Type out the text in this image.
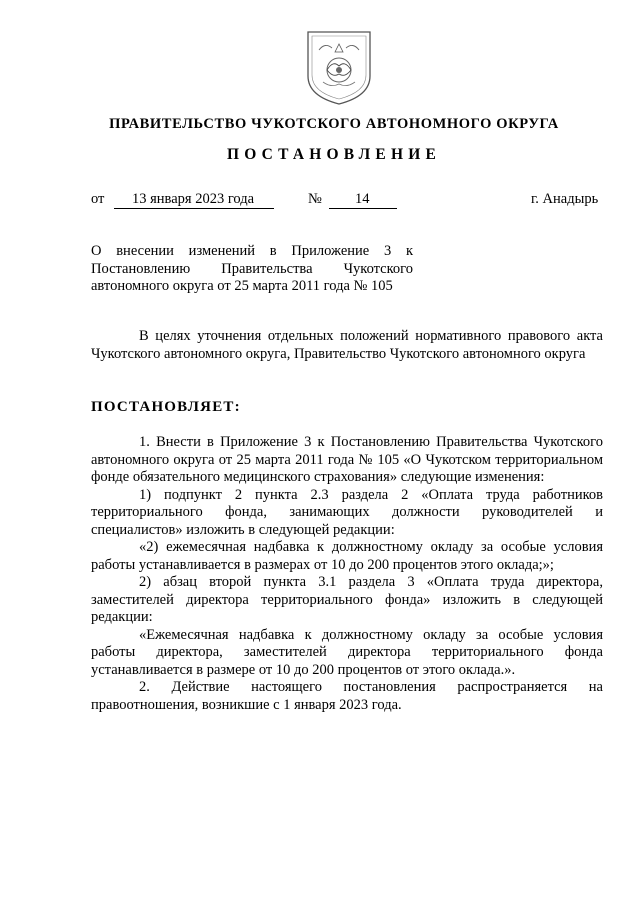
ПРАВИТЕЛЬСТВО ЧУКОТСКОГО АВТОНОМНОГО ОКРУГА
ПОСТАНОВЛЕНИЕ
от 13 января 2023 года	№ 14	г. Анадырь

О внесении изменений в Приложение 3 к
Постановлению Правительства Чукотского
автономного округа от 25 марта 2011 года № 105

В целях уточнения отдельных положений нормативного правового акта Чукотского автономного округа, Правительство Чукотского автономного округа

ПОСТАНОВЛЯЕТ:

1. Внести в Приложение 3 к Постановлению Правительства Чукотского автономного округа от 25 марта 2011 года № 105 «О Чукотском территориальном фонде обязательного медицинского страхования» следующие изменения:

1) подпункт 2 пункта 2.3 раздела 2 «Оплата труда работников территориального фонда, занимающих должности руководителей и специалистов» изложить в следующей редакции:

«2) ежемесячная надбавка к должностному окладу за особые условия работы устанавливается в размерах от 10 до 200 процентов этого оклада;»;

2) абзац второй пункта 3.1 раздела 3 «Оплата труда директора, заместителей директора территориального фонда» изложить в следующей редакции:

«Ежемесячная надбавка к должностному окладу за особые условия работы директора, заместителей директора территориального фонда устанавливается в размере от 10 до 200 процентов от этого оклада.».

2. Действие настоящего постановления распространяется на правоотношения, возникшие с 1 января 2023 года.
